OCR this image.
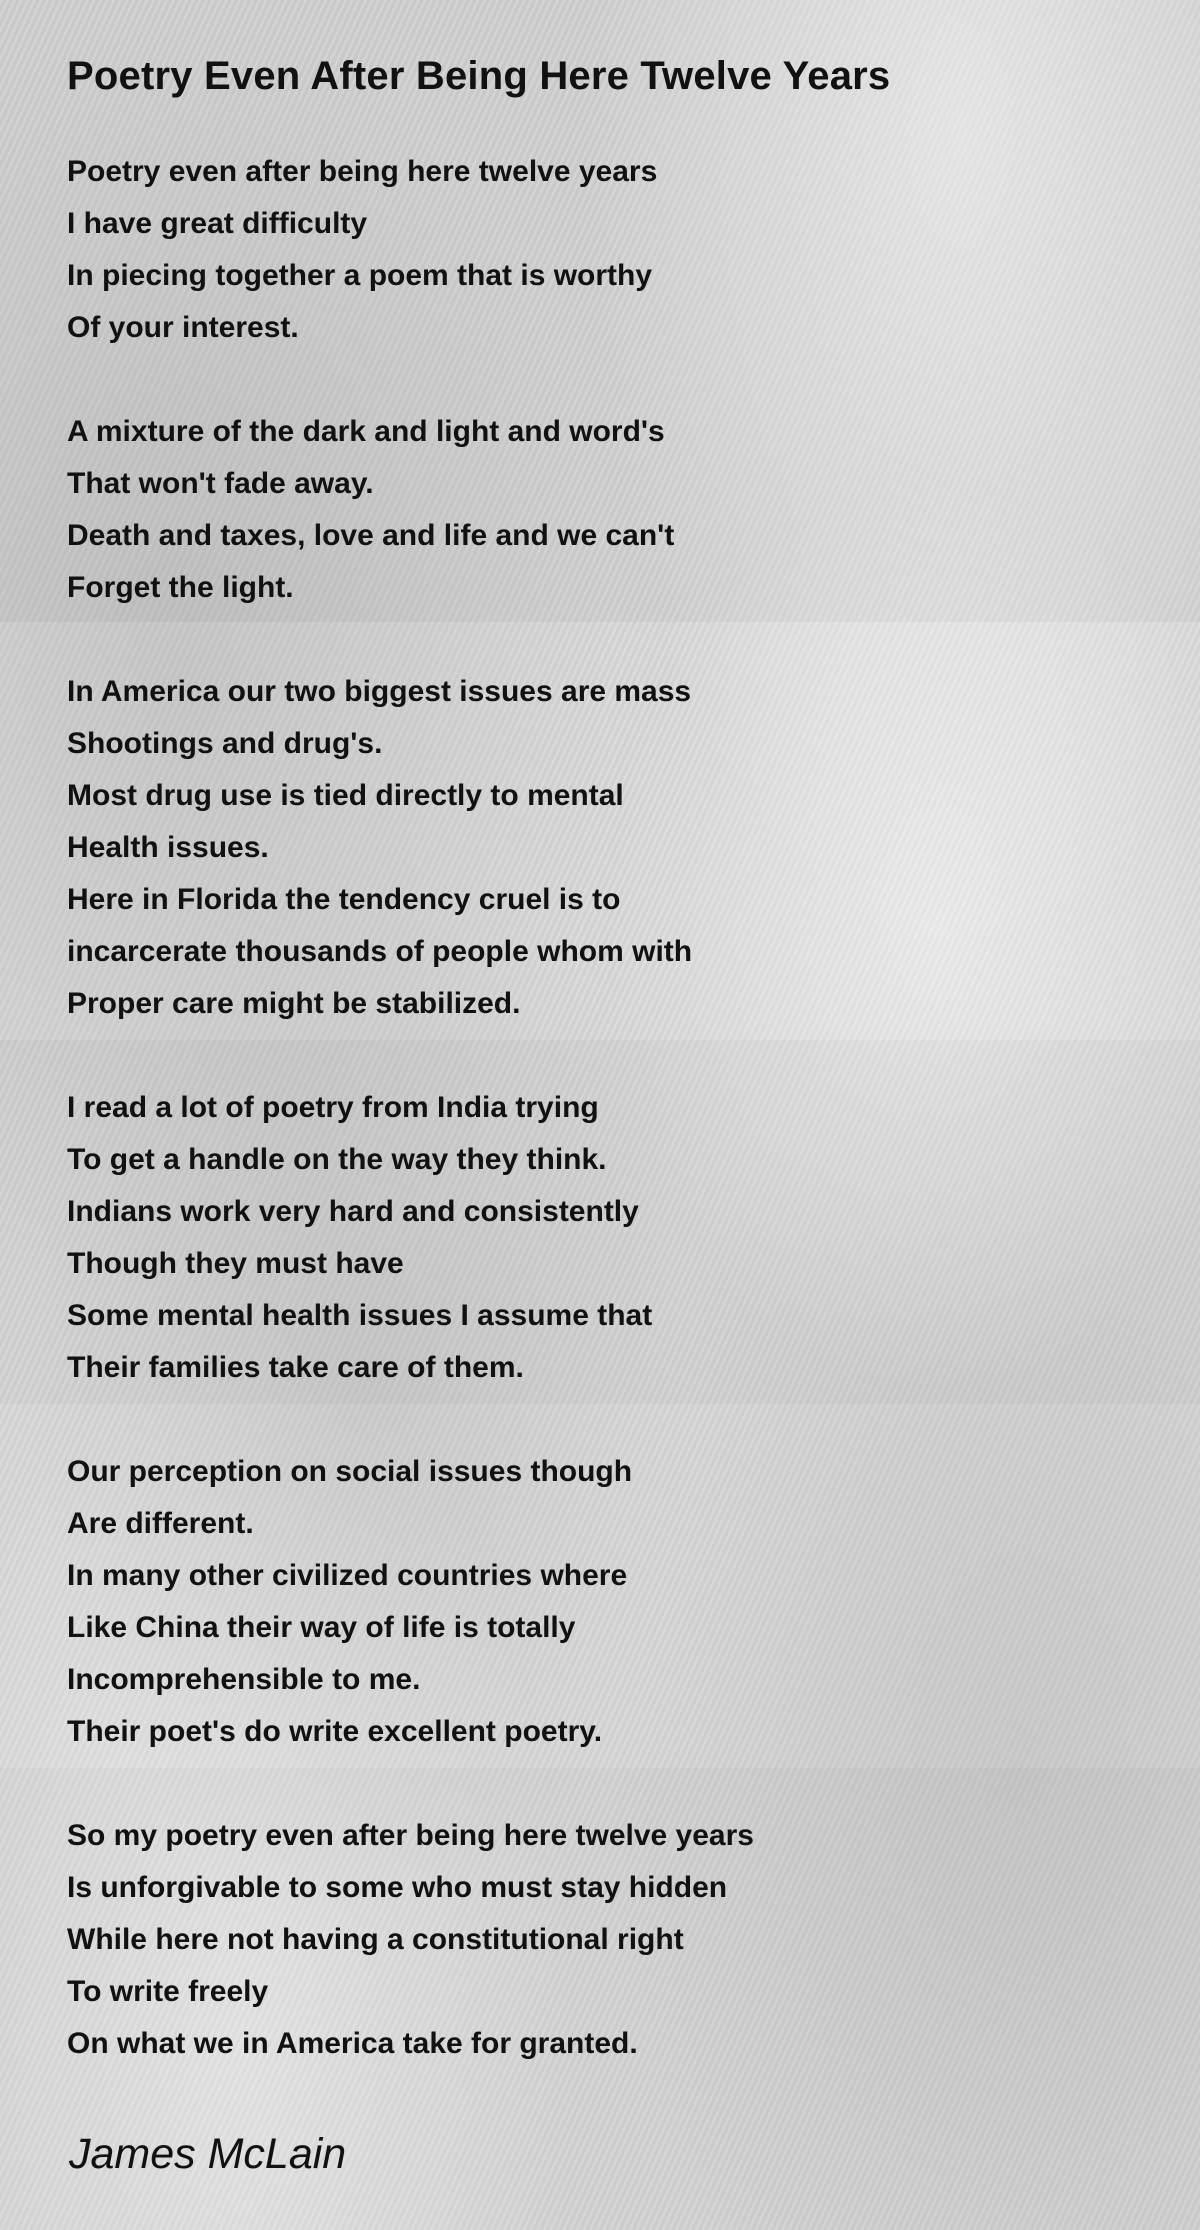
Poetry Even After Being Here Twelve Years
Poetry even after being here twelve years
I have great difficulty
In piecing together a poem that is worthy
Of your interest.
A mixture of the dark and light and word's
That won't fade away.
Death and taxes, love and life and we can't
Forget the light.
In America our two biggest issues are mass
Shootings and drug's.
Most drug use is tied directly to mental
Health issues.
Here in Florida the tendency cruel is to
incarcerate thousands of people whom with
Proper care might be stabilized.
I read a lot of poetry from India trying
To get a handle on the way they think.
Indians work very hard and consistently
Though they must have
Some mental health issues I assume that
Their families take care of them.
Our perception on social issues though
Are different.
In many other civilized countries where
Like China their way of life is totally
Incomprehensible to me.
Their poet's do write excellent poetry.
So my poetry even after being here twelve years
Is unforgivable to some who must stay hidden
While here not having a constitutional right
To write freely
On what we in America take for granted.
James McLain
